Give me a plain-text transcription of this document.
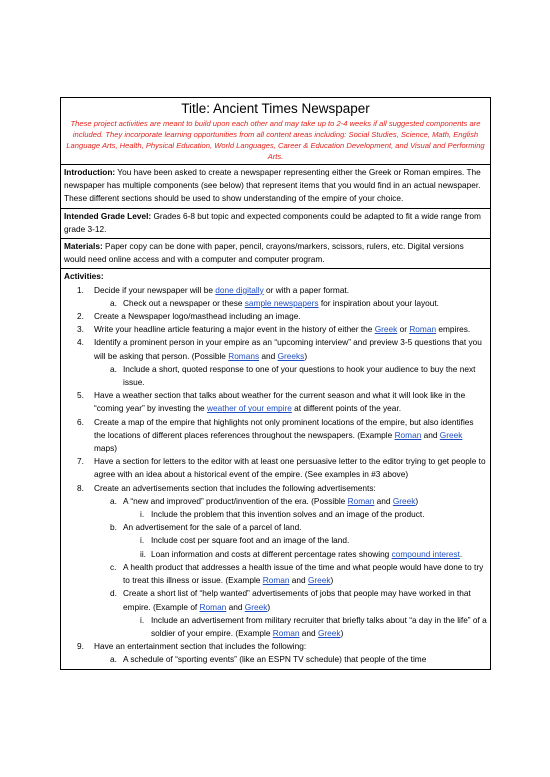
Title: Ancient Times Newspaper
These project activities are meant to build upon each other and may take up to 2-4 weeks if all suggested components are included. They incorporate learning opportunities from all content areas including: Social Studies, Science, Math, English Language Arts, Health, Physical Education, World Languages, Career & Education Development, and Visual and Performing Arts.

Introduction: You have been asked to create a newspaper representing either the Greek or Roman empires. The newspaper has multiple components (see below) that represent items that you would find in an actual newspaper. These different sections should be used to show understanding of the empire of your choice.

Intended Grade Level: Grades 6-8 but topic and expected components could be adapted to fit a wide range from grade 3-12.

Materials: Paper copy can be done with paper, pencil, crayons/markers, scissors, rulers, etc. Digital versions would need online access and with a computer and computer program.

Activities:

1. Decide if your newspaper will be done digitally or with a paper format.
a. Check out a newspaper or these sample newspapers for inspiration about your layout.
2. Create a Newspaper logo/masthead including an image.
3. Write your headline article featuring a major event in the history of either the Greek or Roman empires.
4. Identify a prominent person in your empire as an “upcoming interview” and preview 3-5 questions that you will be asking that person. (Possible Romans and Greeks)
a. Include a short, quoted response to one of your questions to hook your audience to buy the next issue.
5. Have a weather section that talks about weather for the current season and what it will look like in the “coming year” by investing the weather of your empire at different points of the year.
6. Create a map of the empire that highlights not only prominent locations of the empire, but also identifies the locations of different places references throughout the newspapers. (Example Roman and Greek maps)
7. Have a section for letters to the editor with at least one persuasive letter to the editor trying to get people to agree with an idea about a historical event of the empire. (See examples in #3 above)
8. Create an advertisements section that includes the following advertisements:
a. A “new and improved” product/invention of the era. (Possible Roman and Greek)
i. Include the problem that this invention solves and an image of the product.
b. An advertisement for the sale of a parcel of land.
i. Include cost per square foot and an image of the land.
ii. Loan information and costs at different percentage rates showing compound interest.
c. A health product that addresses a health issue of the time and what people would have done to try to treat this illness or issue. (Example Roman and Greek)
d. Create a short list of “help wanted” advertisements of jobs that people may have worked in that empire. (Example of Roman and Greek)
i. Include an advertisement from military recruiter that briefly talks about “a day in the life” of a soldier of your empire. (Example Roman and Greek)
9. Have an entertainment section that includes the following:
a. A schedule of “sporting events” (like an ESPN TV schedule) that people of the time
